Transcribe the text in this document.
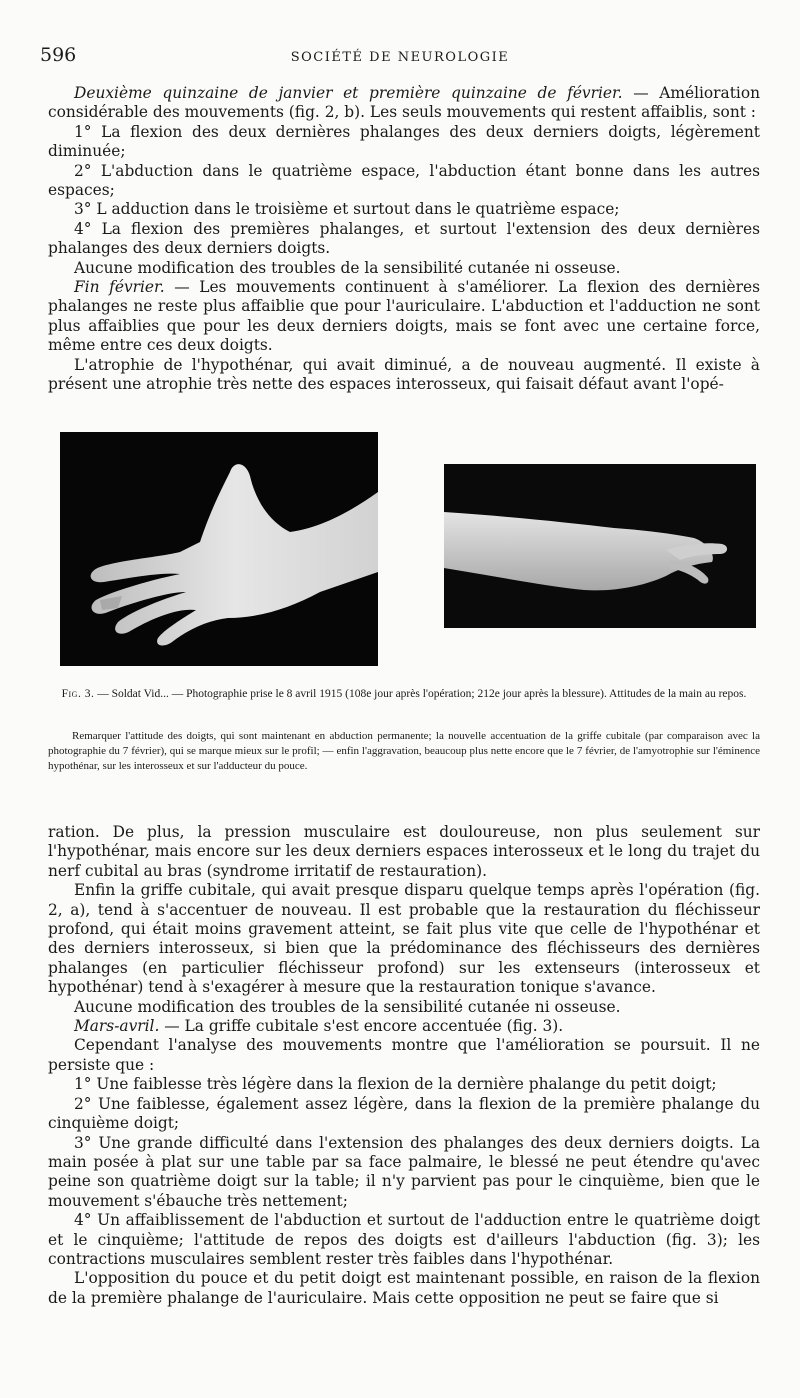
596	SOCIÉTÉ DE NEUROLOGIE

Deuxième quinzaine de janvier et première quinzaine de février. — Amélioration considérable des mouvements (fig. 2, b). Les seuls mouvements qui restent affaiblis, sont :

1° La flexion des deux dernières phalanges des deux derniers doigts, légèrement diminuée;

2° L'abduction dans le quatrième espace, l'abduction étant bonne dans les autres espaces;

3° L adduction dans le troisième et surtout dans le quatrième espace;

4° La flexion des premières phalanges, et surtout l'extension des deux dernières phalanges des deux derniers doigts.

Aucune modification des troubles de la sensibilité cutanée ni osseuse.

Fin février. — Les mouvements continuent à s'améliorer. La flexion des dernières phalanges ne reste plus affaiblie que pour l'auriculaire. L'abduction et l'adduction ne sont plus affaiblies que pour les deux derniers doigts, mais se font avec une certaine force, même entre ces deux doigts.

L'atrophie de l'hypothénar, qui avait diminué, a de nouveau augmenté. Il existe à présent une atrophie très nette des espaces interosseux, qui faisait défaut avant l'opé-

Fig. 3. — Soldat Vid... — Photographie prise le 8 avril 1915 (108e jour après l'opération; 212e jour après la blessure). Attitudes de la main au repos.

Remarquer l'attitude des doigts, qui sont maintenant en abduction permanente; la nouvelle accentuation de la griffe cubitale (par comparaison avec la photographie du 7 février), qui se marque mieux sur le profil; — enfin l'aggravation, beaucoup plus nette encore que le 7 février, de l'amyotrophie sur l'éminence hypothénar, sur les interosseux et sur l'adducteur du pouce.

ration. De plus, la pression musculaire est douloureuse, non plus seulement sur l'hypothénar, mais encore sur les deux derniers espaces interosseux et le long du trajet du nerf cubital au bras (syndrome irritatif de restauration).

Enfin la griffe cubitale, qui avait presque disparu quelque temps après l'opération (fig. 2, a), tend à s'accentuer de nouveau. Il est probable que la restauration du fléchisseur profond, qui était moins gravement atteint, se fait plus vite que celle de l'hypothénar et des derniers interosseux, si bien que la prédominance des fléchisseurs des dernières phalanges (en particulier fléchisseur profond) sur les extenseurs (interosseux et hypothénar) tend à s'exagérer à mesure que la restauration tonique s'avance.

Aucune modification des troubles de la sensibilité cutanée ni osseuse.

Mars-avril. — La griffe cubitale s'est encore accentuée (fig. 3).

Cependant l'analyse des mouvements montre que l'amélioration se poursuit. Il ne persiste que :

1° Une faiblesse très légère dans la flexion de la dernière phalange du petit doigt;

2° Une faiblesse, également assez légère, dans la flexion de la première phalange du cinquième doigt;

3° Une grande difficulté dans l'extension des phalanges des deux derniers doigts. La main posée à plat sur une table par sa face palmaire, le blessé ne peut étendre qu'avec peine son quatrième doigt sur la table; il n'y parvient pas pour le cinquième, bien que le mouvement s'ébauche très nettement;

4° Un affaiblissement de l'abduction et surtout de l'adduction entre le quatrième doigt et le cinquième; l'attitude de repos des doigts est d'ailleurs l'abduction (fig. 3); les contractions musculaires semblent rester très faibles dans l'hypothénar.

L'opposition du pouce et du petit doigt est maintenant possible, en raison de la flexion de la première phalange de l'auriculaire. Mais cette opposition ne peut se faire que si
